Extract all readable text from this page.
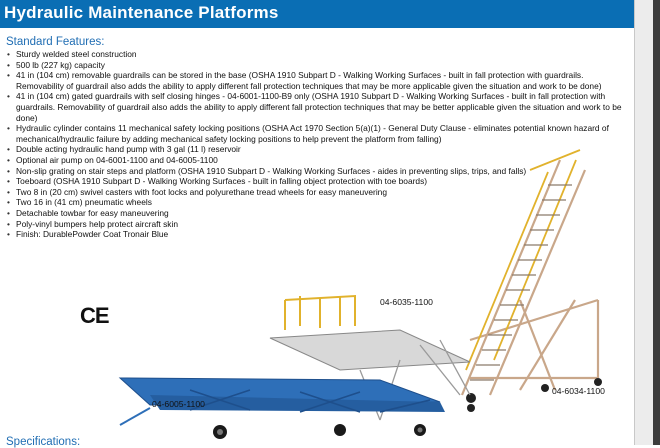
Hydraulic Maintenance Platforms
Standard Features:
• Sturdy welded steel construction
• 500 lb (227 kg) capacity
• 41 in (104 cm) removable guardrails can be stored in the base (OSHA 1910 Subpart D - Walking Working Surfaces - built in fall protection with guardrails. Removability of guardrail also adds the ability to apply different fall protection techniques that may be more applicable given the situation and work to be done)
• 41 in (104 cm) gated guardrails with self closing hinges - 04-6001-1100-B9 only (OSHA 1910 Subpart D - Walking Working Surfaces - built in fall protection with guardrails. Removability of guardrail also adds the ability to apply different fall protection techniques that may be better applicable given the situation and work to be done)
• Hydraulic cylinder contains 11 mechanical safety locking positions (OSHA Act 1970 Section 5(a)(1) - General Duty Clause - eliminates potential known hazard of mechanical/hydraulic failure by adding mechanical safety locking positions to help prevent the platform from falling)
• Double acting hydraulic hand pump with 3 gal (11 l) reservoir
• Optional air pump on 04-6001-1100 and 04-6005-1100
• Non-slip grating on stair steps and platform (OSHA 1910 Subpart D - Walking Working Surfaces - aides in preventing slips, trips, and falls)
• Toeboard (OSHA 1910 Subpart D - Walking Working Surfaces - built in falling object protection with toe boards)
• Two 8 in (20 cm) swivel casters with foot locks and polyurethane tread wheels for easy maneuvering
• Two 16 in (41 cm) pneumatic wheels
• Detachable towbar for easy maneuvering
• Poly-vinyl bumpers help protect aircraft skin
• Finish: DurablePowder Coat Tronair Blue
CE
04-6035-1100
04-6034-1100
04-6005-1100
Specifications:
